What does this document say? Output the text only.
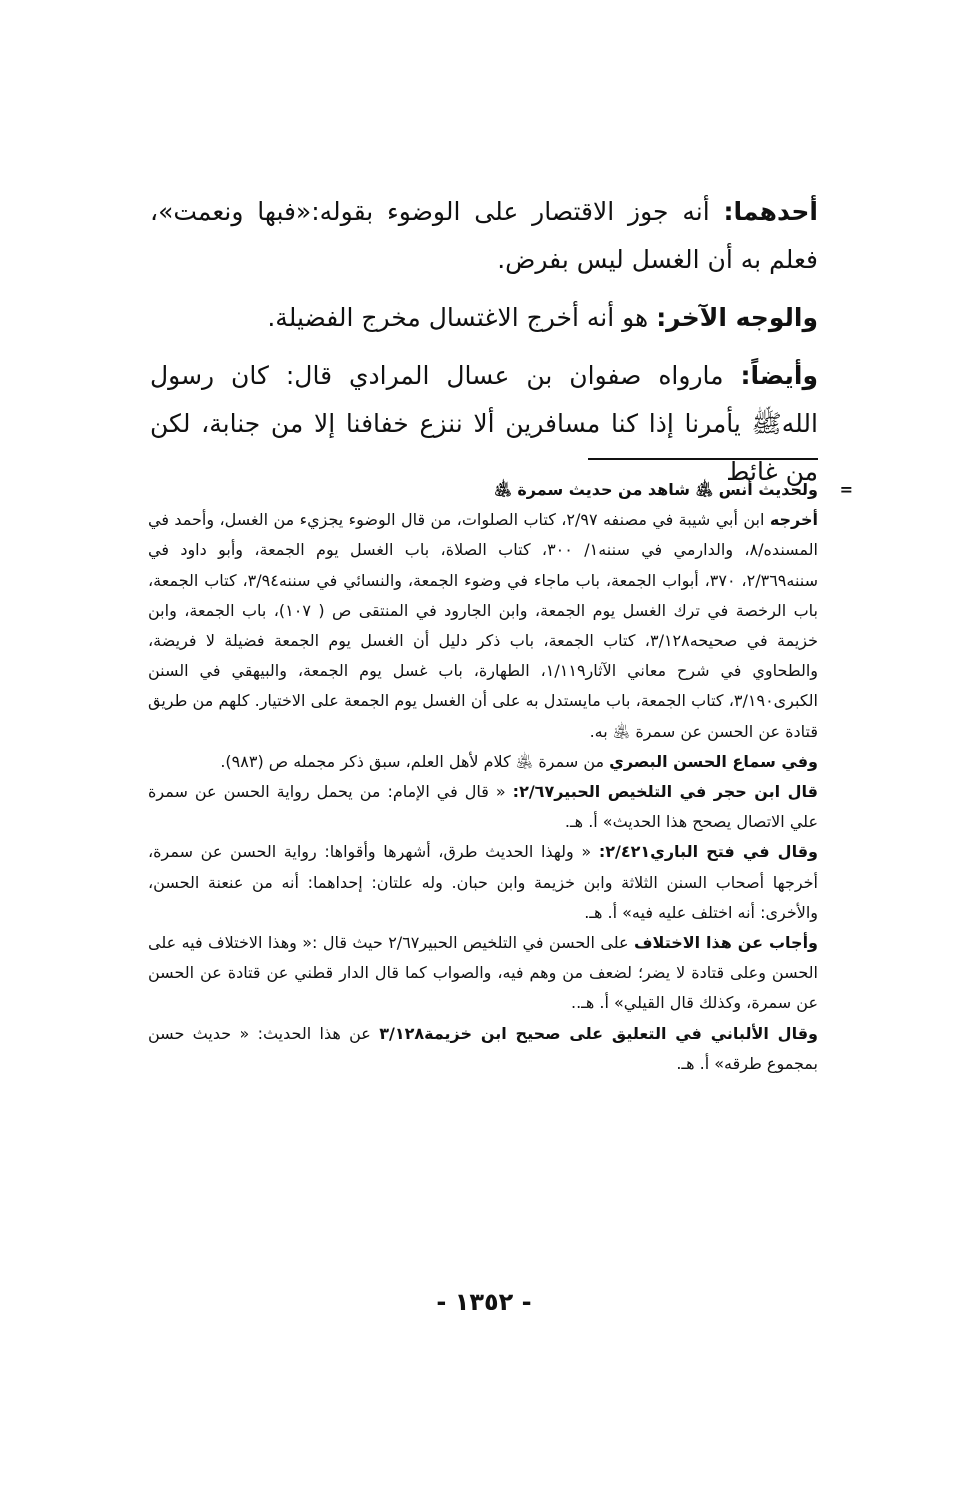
أحدهما: أنه جوز الاقتصار على الوضوء بقوله:«فبها ونعمت»، فعلم به أن الغسل ليس بفرض.

والوجه الآخر: هو أنه أخرج الاغتسال مخرج الفضيلة.

وأيضاً: ماروا‌ه صفوان بن عسال المرادي قال: كان رسول اللهﷺ يأمرنا إذا كنا مسافرين ألا ننزع خفافنا إلا من جنابة، لكن من غائط

=
ولحديث أنس ﵁ شاهد من حديث سمرة ﵁

أخرجه ابن أبي شيبة في مصنفه ٢/٩٧، كتاب الصلوات، من قال الوضوء يجزيء من الغسل، وأحمد في المسنده/٨، والدارمي في سننه١/ ٣٠٠، كتاب الصلاة، باب الغسل يوم الجمعة، وأبو داود في سننه٢/٣٦٩، ٣٧٠، أبواب الجمعة، باب ماجاء في وضوء الجمعة، والنسائي في سننه٣/٩٤، كتاب الجمعة، باب الرخصة في ترك الغسل يوم الجمعة، وابن الجارود في المنتقى ص ( ١٠٧)، باب الجمعة، وابن خزيمة في صحيحه٣/١٢٨، كتاب الجمعة، باب ذكر دليل أن الغسل يوم الجمعة فضيلة لا فريضة، والطحاوي في شرح معاني الآثار١/١١٩، الطهارة، باب غسل يوم الجمعة، والبيهقي في السنن الكبرى٣/١٩٠، كتاب الجمعة، باب مايستدل به على أن الغسل يوم الجمعة على الاختيار. كلهم من طريق قتادة عن الحسن عن سمرة ﵁ به.

وفي سماع الحسن البصري من سمرة ﵁ كلام لأهل العلم، سبق ذكر مجمله ص (٩٨٣).

قال ابن حجر في التلخيص الحبير٢/٦٧: « قال في الإمام: من يحمل رواية الحسن عن سمرة علي الاتصال يصحح هذا الحديث» أ. هـ.

وقال في فتح الباري٢/٤٢١: « ولهذا الحديث طرق، أشهرها وأقواها: رواية الحسن عن سمرة، أخرجها أصحاب السنن الثلاثة وابن خزيمة وابن حبان. وله علتان: إحداهما: أنه من عنعنة الحسن، والأخرى: أنه اختلف عليه فيه» أ. هـ.

وأجاب عن هذا الاختلاف على الحسن في التلخيص الحبير٢/٦٧ حيث قال :« وهذا الاختلاف فيه على الحسن وعلى قتادة لا يضر؛ لضعف من وهم فيه، والصواب كما قال الدار قطني عن قتادة عن الحسن عن سمرة، وكذلك قال القيلي» أ. هـ..

وقال الألباني في التعليق على صحيح ابن خزيمة٣/١٢٨ عن هذا الحديث: « حديث حسن بمجموع طرقه» أ. هـ.

- ١٣٥٢ -
